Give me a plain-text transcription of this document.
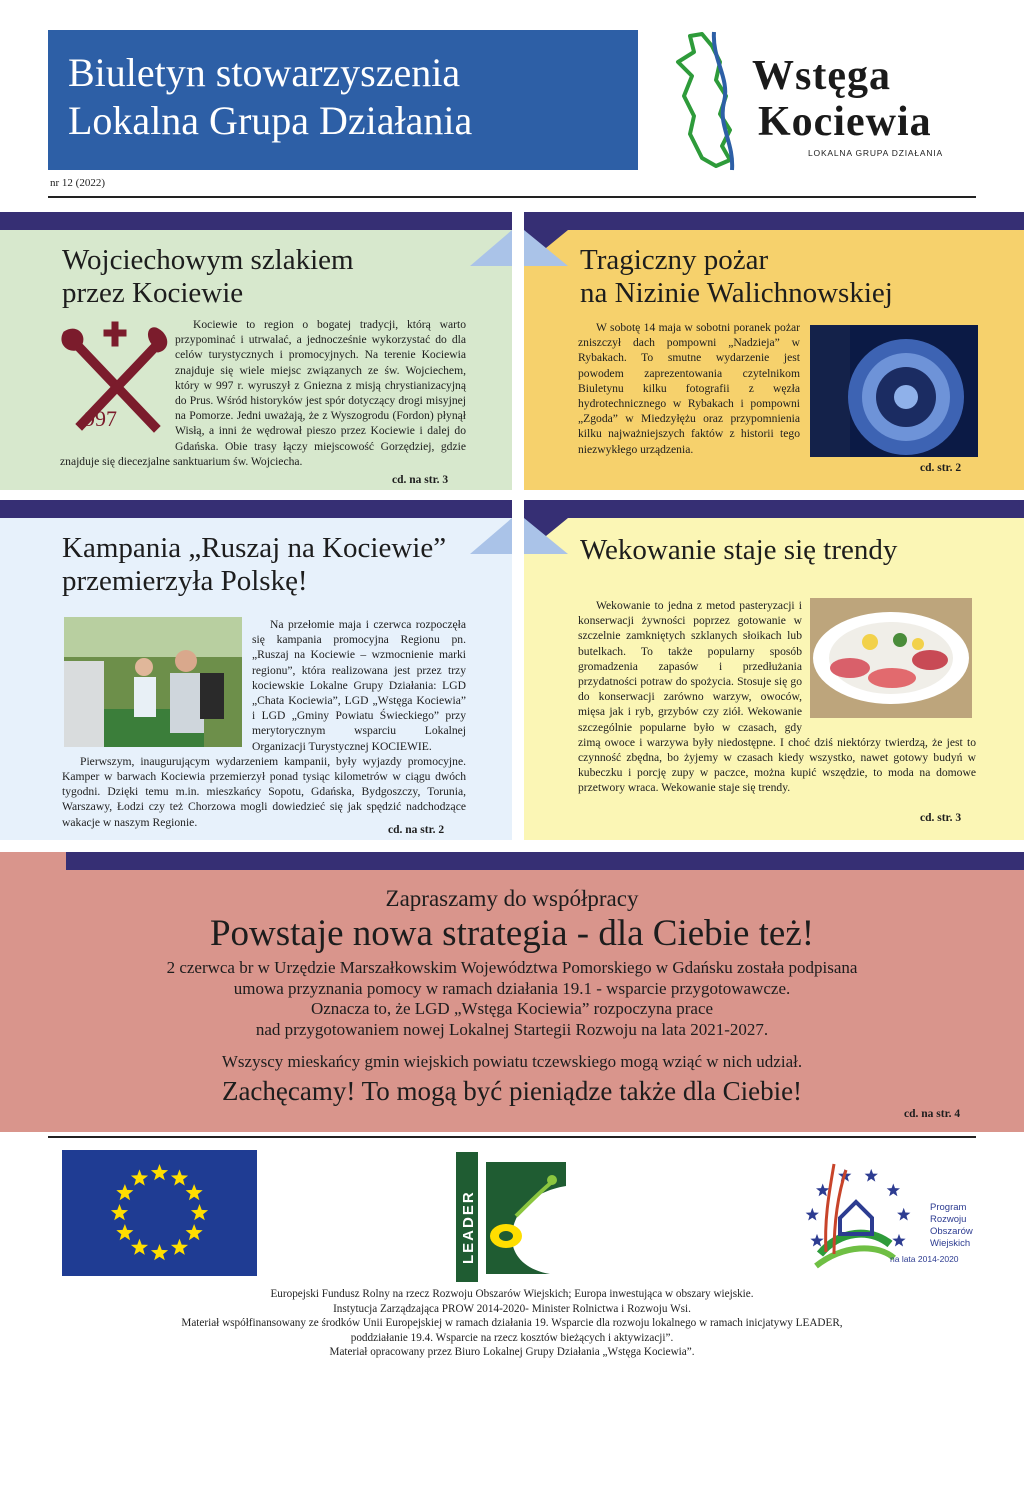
Biuletyn stowarzyszenia
Lokalna Grupa Działania
nr 12 (2022)
Wstęga
Kociewia
LOKALNA GRUPA DZIAŁANIA
Wojciechowym szlakiem
przez Kociewie
997

Kociewie to region o bogatej tradycji, którą warto przypominać i utrwalać, a jednocześnie wykorzystać do dla celów turystycznych i promocyjnych. Na terenie Kociewia znajduje się wiele miejsc związanych ze św. Wojciechem, który w 997 r. wyruszył z Gniezna z misją chrystianizacyjną do Prus. Wśród historyków jest spór dotyczący drogi misyjnej na Pomorze. Jedni uważają, że z Wyszogrodu (Fordon) płynął Wisłą, a inni że wędrował pieszo przez Kociewie i dalej do Gdańska. Obie trasy łączy miejscowość Gorzędziej, gdzie znajduje się diecezjalne sanktuarium św. Wojciecha.

cd. na str. 3
Tragiczny pożar
na Nizinie Walichnowskiej

W sobotę 14 maja w sobotni poranek pożar zniszczył dach pompowni „Nadzieja” w Rybakach. To smutne wydarzenie jest powodem zaprezentowania czytelnikom Biuletynu kilku fotografii z węzła hydrotechnicznego w Rybakach i pompowni „Zgoda” w Miedzyłężu oraz przypomnienia kilku najważniejszych faktów z historii tego niezwykłego urządzenia.

cd. str. 2
Kampania „Ruszaj na Kociewie”
przemierzyła Polskę!

Na przełomie maja i czerwca rozpoczęła się kampania promocyjna Regionu pn. „Ruszaj na Kociewie – wzmocnienie marki regionu”, która realizowana jest przez trzy kociewskie Lokalne Grupy Działania: LGD „Chata Kociewia”, LGD „Wstęga Kociewia” i LGD „Gminy Powiatu Świeckiego” przy merytorycznym wsparciu Lokalnej Organizacji Turystycznej KOCIEWIE.

Pierwszym, inaugurującym wydarzeniem kampanii, były wyjazdy promocyjne. Kamper w barwach Kociewia przemierzył ponad tysiąc kilometrów w ciągu dwóch tygodni. Dzięki temu m.in. mieszkańcy Sopotu, Gdańska, Bydgoszczy, Torunia, Warszawy, Łodzi czy też Chorzowa mogli dowiedzieć się jak spędzić nadchodzące wakacje w naszym Regionie.

cd. na str. 2
Wekowanie staje się trendy

Wekowanie to jedna z metod pasteryzacji i konserwacji żywności poprzez gotowanie w szczelnie zamkniętych szklanych słoikach lub butelkach. To także popularny sposób gromadzenia zapasów i przedłużania przydatności potraw do spożycia. Stosuje się go do konserwacji zarówno warzyw, owoców, mięsa jak i ryb, grzybów czy ziół. Wekowanie szczególnie popularne było w czasach, gdy zimą owoce i warzywa były niedostępne. I choć dziś niektórzy twierdzą, że jest to czynność zbędna, bo żyjemy w czasach kiedy wszystko, nawet gotowy budyń w kubeczku i porcję zupy w paczce, można kupić wszędzie, to moda na domowe przetwory wraca. Wekowanie staje się trendy.

cd. str. 3
Zapraszamy do współpracy
Powstaje nowa strategia - dla Ciebie też!
2 czerwca br w Urzędzie Marszałkowskim Województwa Pomorskiego w Gdańsku została podpisana
umowa przyznania pomocy w ramach działania 19.1 - wsparcie przygotowawcze.
Oznacza to, że LGD „Wstęga Kociewia” rozpoczyna prace
nad przygotowaniem nowej Lokalnej Startegii Rozwoju na lata 2021-2027.
Wszyscy mieskańcy gmin wiejskich powiatu tczewskiego mogą wziąć w nich udział.
Zachęcamy! To mogą być pieniądze także dla Ciebie!
cd. na str. 4
LEADER	Program
Rozwoju
Obszarów
Wiejskich
na lata 2014-2020
Europejski Fundusz Rolny na rzecz Rozwoju Obszarów Wiejskich; Europa inwestująca w obszary wiejskie.
Instytucja Zarządzająca PROW 2014-2020- Minister Rolnictwa i Rozwoju Wsi.
Materiał współfinansowany ze środków Unii Europejskiej w ramach działania 19. Wsparcie dla rozwoju lokalnego w ramach inicjatywy LEADER,
poddziałanie 19.4. Wsparcie na rzecz kosztów bieżących i aktywizacji”.
Materiał opracowany przez Biuro Lokalnej Grupy Działania „Wstęga Kociewia”.
